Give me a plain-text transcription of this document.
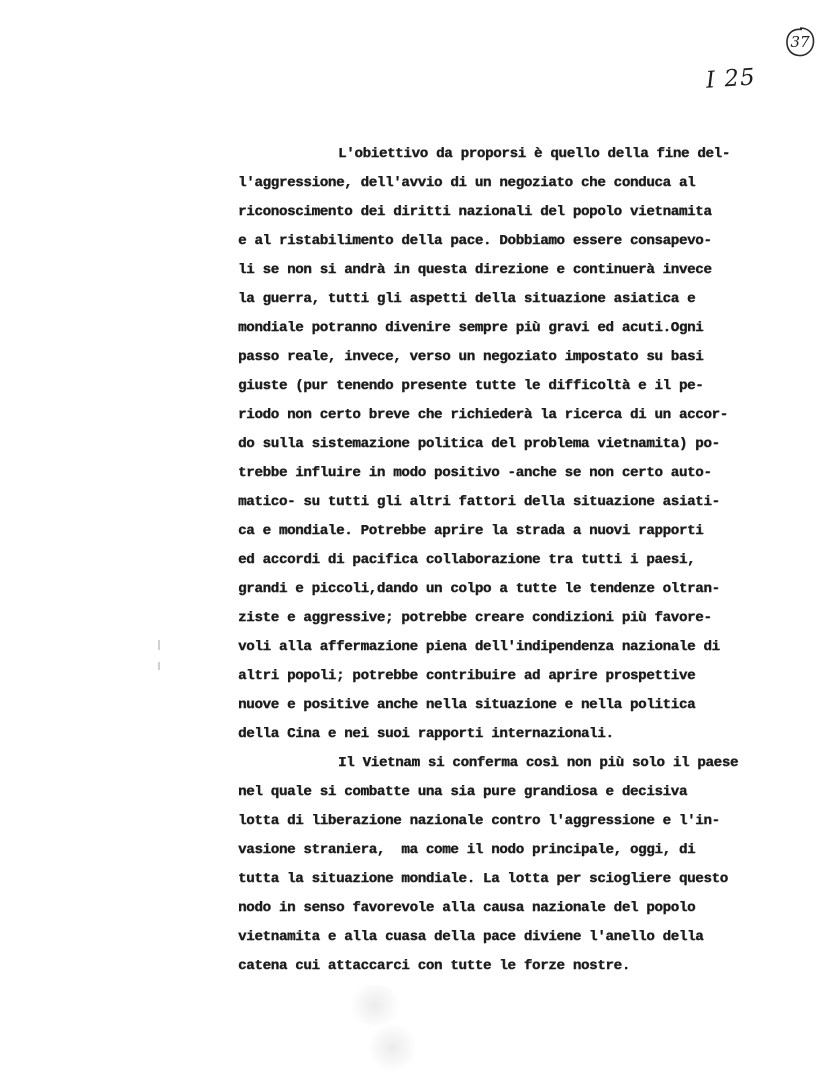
37
I 25
L'obiettivo da proporsi è quello della fine del-
l'aggressione, dell'avvio di un negoziato che conduca al
riconoscimento dei diritti nazionali del popolo vietnamita
e al ristabilimento della pace. Dobbiamo essere consapevo-
li se non si andrà in questa direzione e continuerà invece
la guerra, tutti gli aspetti della situazione asiatica e
mondiale potranno divenire sempre più gravi ed acuti.Ogni
passo reale, invece, verso un negoziato impostato su basi
giuste (pur tenendo presente tutte le difficoltà e il pe-
riodo non certo breve che richiederà la ricerca di un accor-
do sulla sistemazione politica del problema vietnamita) po-
trebbe influire in modo positivo -anche se non certo auto-
matico- su tutti gli altri fattori della situazione asiati-
ca e mondiale. Potrebbe aprire la strada a nuovi rapporti
ed accordi di pacifica collaborazione tra tutti i paesi,
grandi e piccoli,dando un colpo a tutte le tendenze oltran-
ziste e aggressive; potrebbe creare condizioni più favore-
voli alla affermazione piena dell'indipendenza nazionale di
altri popoli; potrebbe contribuire ad aprire prospettive
nuove e positive anche nella situazione e nella politica
della Cina e nei suoi rapporti internazionali.
Il Vietnam si conferma così non più solo il paese
nel quale si combatte una sia pure grandiosa e decisiva
lotta di liberazione nazionale contro l'aggressione e l'in-
vasione straniera,  ma come il nodo principale, oggi, di
tutta la situazione mondiale. La lotta per sciogliere questo
nodo in senso favorevole alla causa nazionale del popolo
vietnamita e alla cuasa della pace diviene l'anello della
catena cui attaccarci con tutte le forze nostre.
